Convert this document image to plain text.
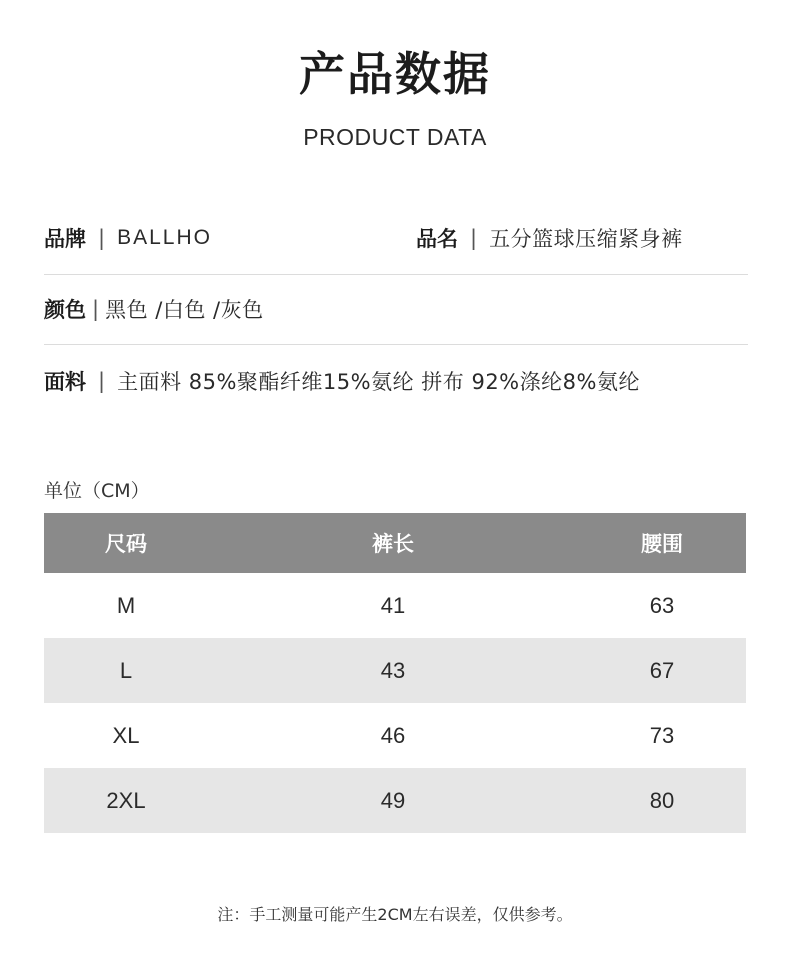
产品数据
PRODUCT DATA
品牌 | BALLHO	品名 | 五分篮球压缩紧身裤
颜色 | 黑色 /白色 /灰色
面料 | 主面料 85%聚酯纤维15%氨纶 拼布 92%涤纶8%氨纶
单位（CM）
尺码	裤长	腰围
M	41	63
L	43	67
XL	46	73
2XL	49	80
注：手工测量可能产生2CM左右误差，仅供参考。
